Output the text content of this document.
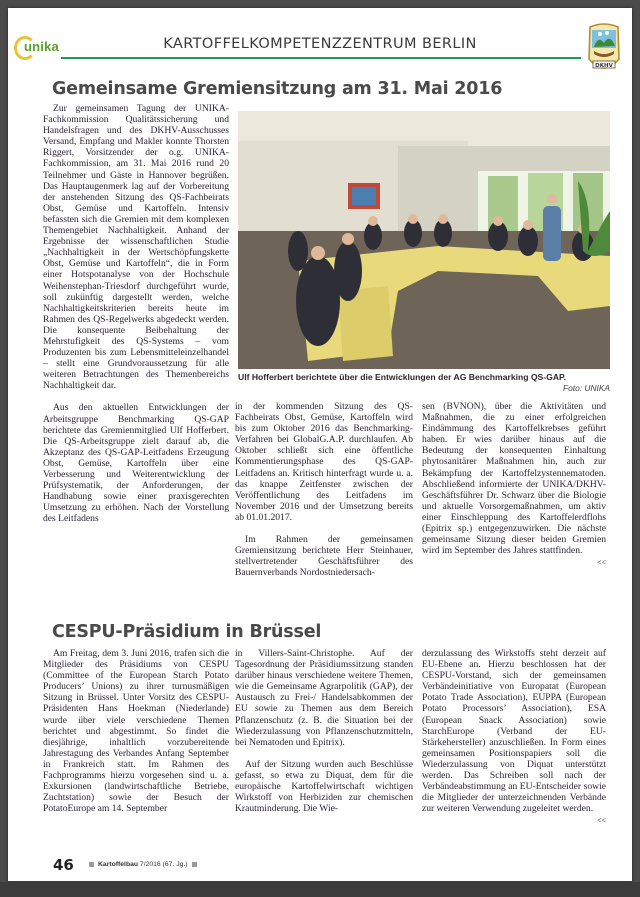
unika	KARTOFFELKOMPETENZZENTRUM BERLIN
DKHV
Gemeinsame Gremiensitzung am 31. Mai 2016

Zur gemeinsamen Tagung der UNIKA-Fachkommission Qualitätssicherung und Handelsfragen und des DKHV-Ausschusses Versand, Empfang und Makler konnte Thorsten Riggert, Vorsitzender der o.g. UNIKA-Fachkommission, am 31. Mai 2016 rund 20 Teilnehmer und Gäste in Hannover begrüßen. Das Hauptaugenmerk lag auf der Vorbereitung der anstehenden Sitzung des QS-Fachbeirats Obst, Gemüse und Kartoffeln. Intensiv befassten sich die Gremien mit dem komplexen Themengebiet Nachhaltigkeit. Anhand der Ergebnisse der wissenschaftlichen Studie „Nachhaltigkeit in der Wertschöpfungskette Obst, Gemüse und Kartoffeln“, die in Form einer Hotspotanalyse von der Hochschule Weihenstephan-Triesdorf durchgeführt wurde, soll zukünftig dargestellt werden, welche Nachhaltigkeitskriterien bereits heute im Rahmen des QS-Regelwerks abgedeckt werden. Die konsequente Beibehaltung der Mehrstufigkeit des QS-Systems – vom Produzenten bis zum Lebensmitteleinzelhandel – stellt eine Grundvoraussetzung für alle weiteren Betrachtungen des Themenbereichs Nachhaltigkeit dar.

Aus den aktuellen Entwicklungen der Arbeitsgruppe Benchmarking QS-GAP berichtete das Gremienmitglied Ulf Hofferbert. Die QS-Arbeitsgruppe zielt darauf ab, die Akzeptanz des QS-GAP-Leitfadens Erzeugung Obst, Gemüse, Kartoffeln über eine Verbesserung und Weiterentwicklung der Prüfsystematik, der Anforderungen, der Handhabung sowie einer praxisgerechten Umsetzung zu erhöhen. Nach der Vorstellung des Leitfadens

Ulf Hofferbert berichtete über die Entwicklungen der AG Benchmarking QS-GAP.
Foto: UNIKA

in der kommenden Sitzung des QS-Fachbeirats Obst, Gemüse, Kartoffeln wird bis zum Oktober 2016 das Benchmarking-Verfahren bei GlobalG.A.P. durchlaufen. Ab Oktober schließt sich eine öffentliche Kommentierungsphase des QS-GAP-Leitfadens an. Kritisch hinterfragt wurde u. a. das knappe Zeitfenster zwischen der Veröffentlichung des Leitfadens im November 2016 und der Umsetzung bereits ab 01.01.2017.

Im Rahmen der gemeinsamen Gremiensitzung berichtete Herr Steinhauer, stellvertretender Geschäftsführer des Bauernverbands Nordostniedersach-

sen (BVNON), über die Aktivitäten und Maßnahmen, die zu einer erfolgreichen Eindämmung des Kartoffelkrebses geführt haben. Er wies darüber hinaus auf die Bedeutung der konsequenten Einhaltung phytosanitärer Maßnahmen hin, auch zur Bekämpfung der Kartoffelzystennematoden. Abschließend informierte der UNIKA/DKHV-Geschäftsführer Dr. Schwarz über die Biologie und aktuelle Vorsorgemaßnahmen, um aktiv einer Einschleppung des Kartoffelerdflohs (Epitrix sp.) entgegenzuwirken. Die nächste gemeinsame Sitzung dieser beiden Gremien wird im September des Jahres stattfinden.

<<
CESPU-Präsidium in Brüssel

Am Freitag, dem 3. Juni 2016, trafen sich die Mitglieder des Präsidiums von CESPU (Committee of the European Starch Potato Producers’ Unions) zu ihrer turnusmäßigen Sitzung in Brüssel. Unter Vorsitz des CESPU-Präsidenten Hans Hoekman (Niederlande) wurde über viele verschiedene Themen berichtet und abgestimmt. So findet die diesjährige, inhaltlich vorzubereitende Jahrestagung des Verbandes Anfang September in Frankreich statt. Im Rahmen des Fachprogramms hierzu vorgesehen sind u. a. Exkursionen (landwirtschaftliche Betriebe, Zuchtstation) sowie der Besuch der PotatoEurope am 14. September

in Villers-Saint-Christophe. Auf der Tagesordnung der Präsidiumssitzung standen darüber hinaus verschiedene weitere Themen, wie die Gemeinsame Agrarpolitik (GAP), der Austausch zu Frei-/ Handelsabkommen der EU sowie zu Themen aus dem Bereich Pflanzenschutz (z. B. die Situation bei der Wiederzulassung von Pflanzenschutzmitteln, bei Nematoden und Epitrix).

Auf der Sitzung wurden auch Beschlüsse gefasst, so etwa zu Diquat, dem für die europäische Kartoffelwirtschaft wichtigen Wirkstoff von Herbiziden zur chemischen Krautminderung. Die Wie-

derzulassung des Wirkstoffs steht derzeit auf EU-Ebene an. Hierzu beschlossen hat der CESPU-Vorstand, sich der gemeinsamen Verbändeinitiative von Europatat (European Potato Trade Association), EUPPA (European Potato Processors’ Association), ESA (European Snack Association) sowie StarchEurope (Verband der EU-Stärkehersteller) anzuschließen. In Form eines gemeinsamen Positionspapiers soll die Wiederzulassung von Diquat unterstützt werden. Das Schreiben soll nach der Verbändeabstimmung an EU-Entscheider sowie die Mitglieder der unterzeichnenden Verbände zur weiteren Verwendung zugeleitet werden.

<<
46	Kartoffelbau 7/2016 (67. Jg.)
